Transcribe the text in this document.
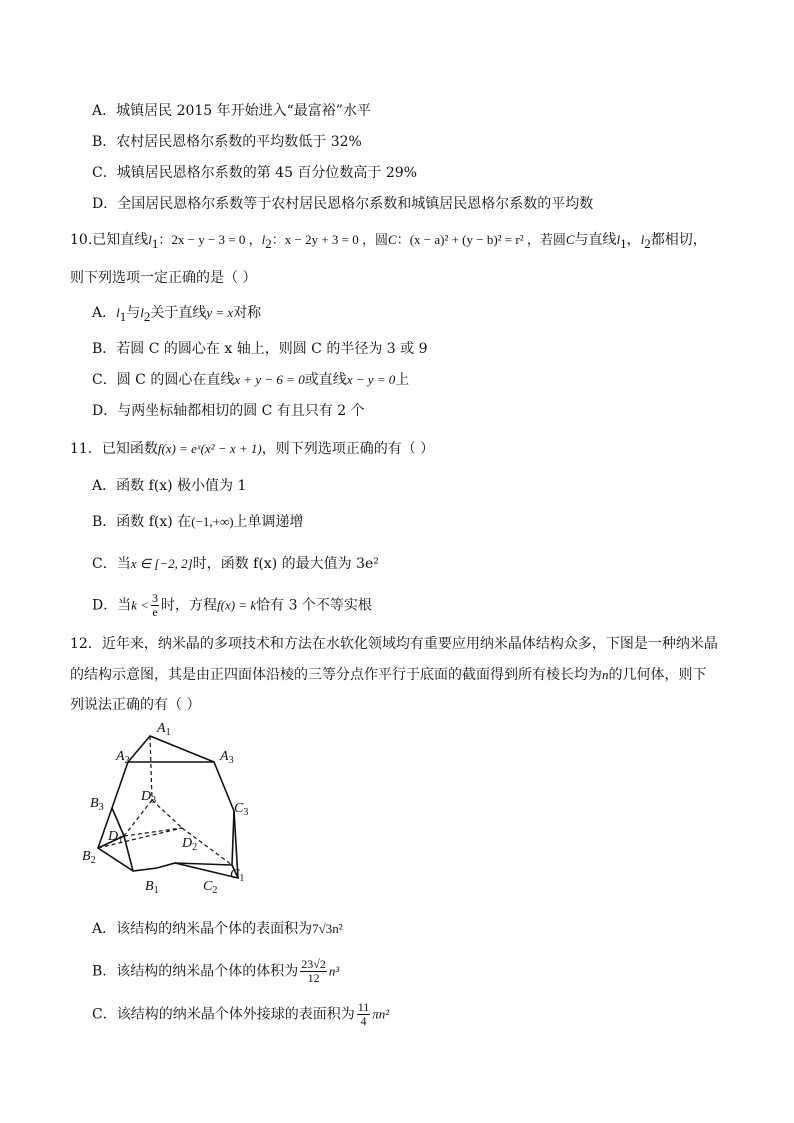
A．城镇居民 2015 年开始进入“最富裕”水平
B．农村居民恩格尔系数的平均数低于 32%
C．城镇居民恩格尔系数的第 45 百分位数高于 29%
D．全国居民恩格尔系数等于农村居民恩格尔系数和城镇居民恩格尔系数的平均数
10.已知直线$l_1$：2x − y − 3 = 0 ，$l_2$：x − 2y + 3 = 0 ，圆C：(x − a)² + (y − b)² = r² ，若圆C与直线$l_1$，$l_2$都相切，
则下列选项一定正确的是（ ）
A．$l_1$与$l_2$关于直线y = x对称
B．若圆 C 的圆心在 x 轴上，则圆 C 的半径为 3 或 9
C．圆 C 的圆心在直线x + y − 6 = 0或直线x − y = 0上
D．与两坐标轴都相切的圆 C 有且只有 2 个
11．已知函数f(x) = eˣ(x² − x + 1)，则下列选项正确的有（ ）
A．函数 f(x) 极小值为 1
B．函数 f(x) 在(−1,+∞)上单调递增
C．当x ∈ [−2, 2]时，函数 f(x) 的最大值为 3e²
D．当$k < \frac{3}{e}$ 时，方程f(x) = k恰有 3 个不等实根
12．近年来，纳米晶的多项技术和方法在水软化领域均有重要应用纳米晶体结构众多，下图是一种纳米晶
的结构示意图，其是由正四面体沿棱的三等分点作平行于底面的截面得到所有棱长均为n的几何体，则下
列说法正确的有（ ）
$A_1$
$A_2$	$A_3$
$B_3$
$D_3$
$C_3$
$D_1$	$D_2$
$B_2$
$C_1$
$B_1$	$C_2$
A．该结构的纳米晶个体的表面积为7√3n²
B．该结构的纳米晶个体的体积为 $\frac{23√2}{12} n^3$
C．该结构的纳米晶个体外接球的表面积为 $\frac{11}{4} \pi n^2$
